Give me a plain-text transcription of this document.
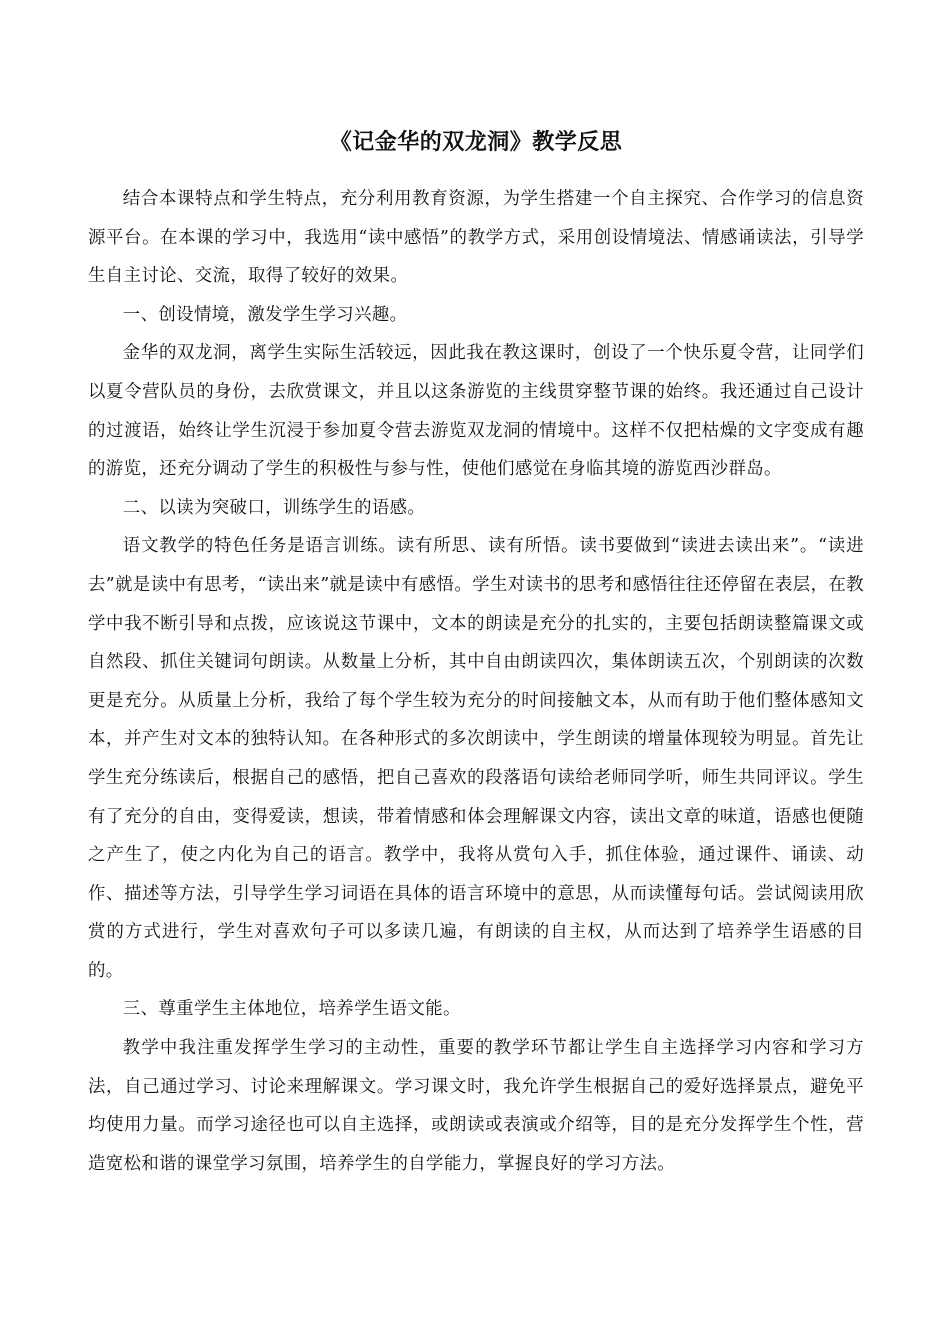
《记金华的双龙洞》教学反思

结合本课特点和学生特点，充分利用教育资源，为学生搭建一个自主探究、合作学习的信息资源平台。在本课的学习中，我选用“读中感悟”的教学方式，采用创设情境法、情感诵读法，引导学生自主讨论、交流，取得了较好的效果。

一、创设情境，激发学生学习兴趣。

金华的双龙洞，离学生实际生活较远，因此我在教这课时，创设了一个快乐夏令营，让同学们以夏令营队员的身份，去欣赏课文，并且以这条游览的主线贯穿整节课的始终。我还通过自己设计的过渡语，始终让学生沉浸于参加夏令营去游览双龙洞的情境中。这样不仅把枯燥的文字变成有趣的游览，还充分调动了学生的积极性与参与性，使他们感觉在身临其境的游览西沙群岛。

二、以读为突破口，训练学生的语感。

语文教学的特色任务是语言训练。读有所思、读有所悟。读书要做到“读进去读出来”。“读进去”就是读中有思考，“读出来”就是读中有感悟。学生对读书的思考和感悟往往还停留在表层，在教学中我不断引导和点拨，应该说这节课中，文本的朗读是充分的扎实的，主要包括朗读整篇课文或自然段、抓住关键词句朗读。从数量上分析，其中自由朗读四次，集体朗读五次，个别朗读的次数更是充分。从质量上分析，我给了每个学生较为充分的时间接触文本，从而有助于他们整体感知文本，并产生对文本的独特认知。在各种形式的多次朗读中，学生朗读的增量体现较为明显。首先让学生充分练读后，根据自己的感悟，把自己喜欢的段落语句读给老师同学听，师生共同评议。学生有了充分的自由，变得爱读，想读，带着情感和体会理解课文内容，读出文章的味道，语感也便随之产生了，使之内化为自己的语言。教学中，我将从赏句入手，抓住体验，通过课件、诵读、动作、描述等方法，引导学生学习词语在具体的语言环境中的意思，从而读懂每句话。尝试阅读用欣赏的方式进行，学生对喜欢句子可以多读几遍，有朗读的自主权，从而达到了培养学生语感的目的。

三、尊重学生主体地位，培养学生语文能。

教学中我注重发挥学生学习的主动性，重要的教学环节都让学生自主选择学习内容和学习方法，自己通过学习、讨论来理解课文。学习课文时，我允许学生根据自己的爱好选择景点，避免平均使用力量。而学习途径也可以自主选择，或朗读或表演或介绍等，目的是充分发挥学生个性，营造宽松和谐的课堂学习氛围，培养学生的自学能力，掌握良好的学习方法。
